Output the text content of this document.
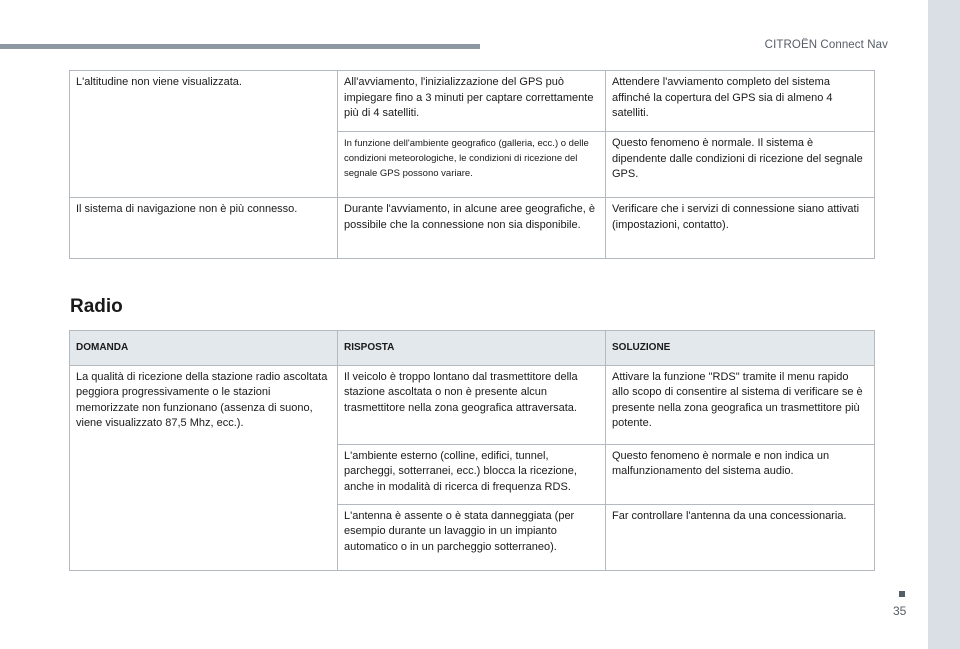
CITROËN Connect Nav
L'altitudine non viene visualizzata.	All'avviamento, l'inizializzazione del GPS può impiegare fino a 3 minuti per captare correttamente più di 4 satelliti.	Attendere l'avviamento completo del sistema affinché la copertura del GPS sia di almeno 4 satelliti.
	In funzione dell'ambiente geografico (galleria, ecc.) o delle condizioni meteorologiche, le condizioni di ricezione del segnale GPS possono variare.	Questo fenomeno è normale. Il sistema è dipendente dalle condizioni di ricezione del segnale GPS.
Il sistema di navigazione non è più connesso.	Durante l'avviamento, in alcune aree geografiche, è possibile che la connessione non sia disponibile.	Verificare che i servizi di connessione siano attivati (impostazioni, contatto).
Radio
DOMANDA	RISPOSTA	SOLUZIONE
La qualità di ricezione della stazione radio ascoltata peggiora progressivamente o le stazioni memorizzate non funzionano (assenza di suono, viene visualizzato 87,5 Mhz, ecc.).	Il veicolo è troppo lontano dal trasmettitore della stazione ascoltata o non è presente alcun trasmettitore nella zona geografica attraversata.	Attivare la funzione "RDS" tramite il menu rapido allo scopo di consentire al sistema di verificare se è presente nella zona geografica un trasmettitore più potente.
	L'ambiente esterno (colline, edifici, tunnel, parcheggi, sotterranei, ecc.) blocca la ricezione, anche in modalità di ricerca di frequenza RDS.	Questo fenomeno è normale e non indica un malfunzionamento del sistema audio.
	L'antenna è assente o è stata danneggiata (per esempio durante un lavaggio in un impianto automatico o in un parcheggio sotterraneo).	Far controllare l'antenna da una concessionaria.
35
